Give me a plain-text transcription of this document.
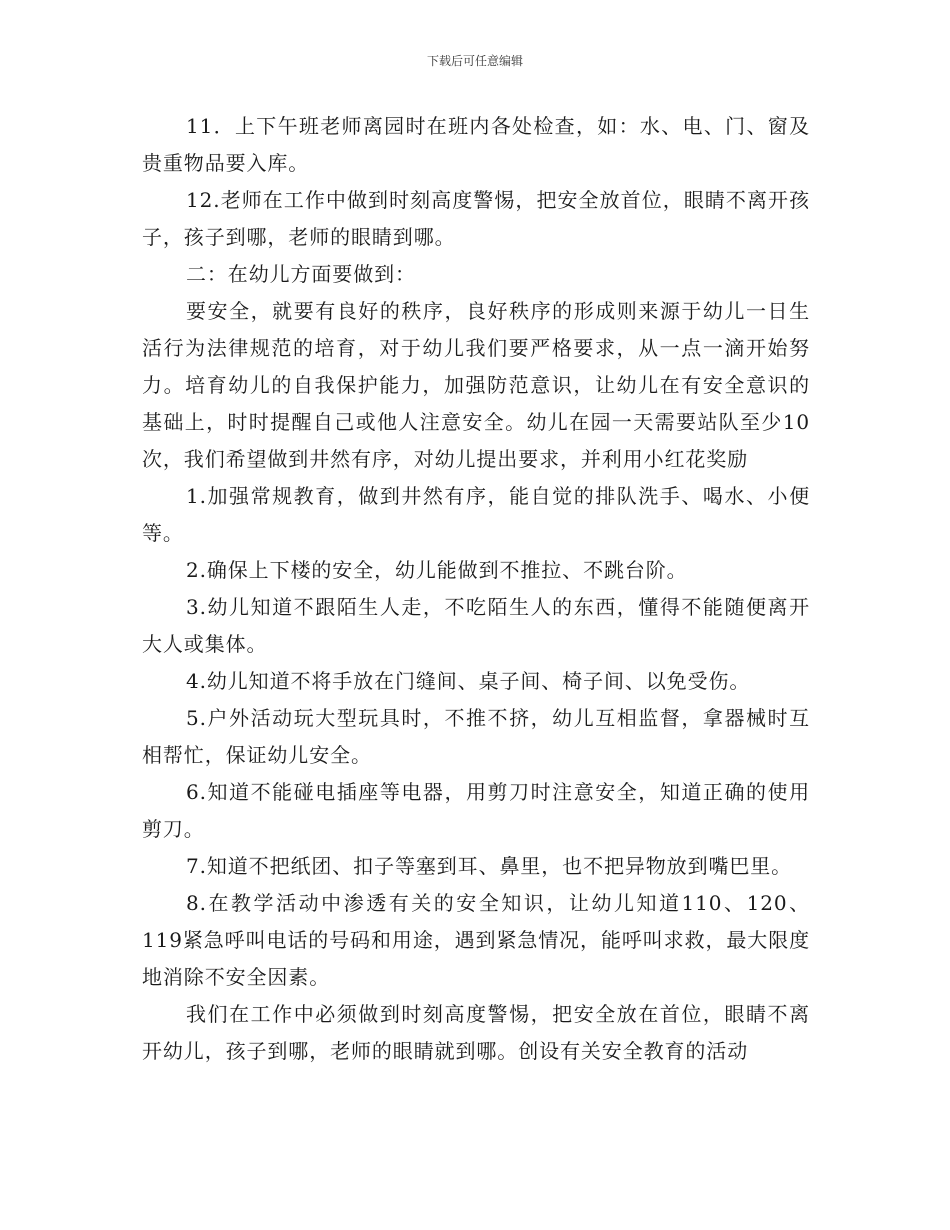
下载后可任意编辑

11．上下午班老师离园时在班内各处检查，如：水、电、门、窗及贵重物品要入库。

12.老师在工作中做到时刻高度警惕，把安全放首位，眼睛不离开孩子，孩子到哪，老师的眼睛到哪。

二：在幼儿方面要做到：

要安全，就要有良好的秩序，良好秩序的形成则来源于幼儿一日生活行为法律规范的培育，对于幼儿我们要严格要求，从一点一滴开始努力。培育幼儿的自我保护能力，加强防范意识，让幼儿在有安全意识的基础上，时时提醒自己或他人注意安全。幼儿在园一天需要站队至少10次，我们希望做到井然有序，对幼儿提出要求，并利用小红花奖励

1.加强常规教育，做到井然有序，能自觉的排队洗手、喝水、小便等。

2.确保上下楼的安全，幼儿能做到不推拉、不跳台阶。

3.幼儿知道不跟陌生人走，不吃陌生人的东西，懂得不能随便离开大人或集体。

4.幼儿知道不将手放在门缝间、桌子间、椅子间、以免受伤。

5.户外活动玩大型玩具时，不推不挤，幼儿互相监督，拿器械时互相帮忙，保证幼儿安全。

6.知道不能碰电插座等电器，用剪刀时注意安全，知道正确的使用剪刀。

7.知道不把纸团、扣子等塞到耳、鼻里，也不把异物放到嘴巴里。

8.在教学活动中渗透有关的安全知识，让幼儿知道110、120、119紧急呼叫电话的号码和用途，遇到紧急情况，能呼叫求救，最大限度地消除不安全因素。

我们在工作中必须做到时刻高度警惕，把安全放在首位，眼睛不离开幼儿，孩子到哪，老师的眼睛就到哪。创设有关安全教育的活动
